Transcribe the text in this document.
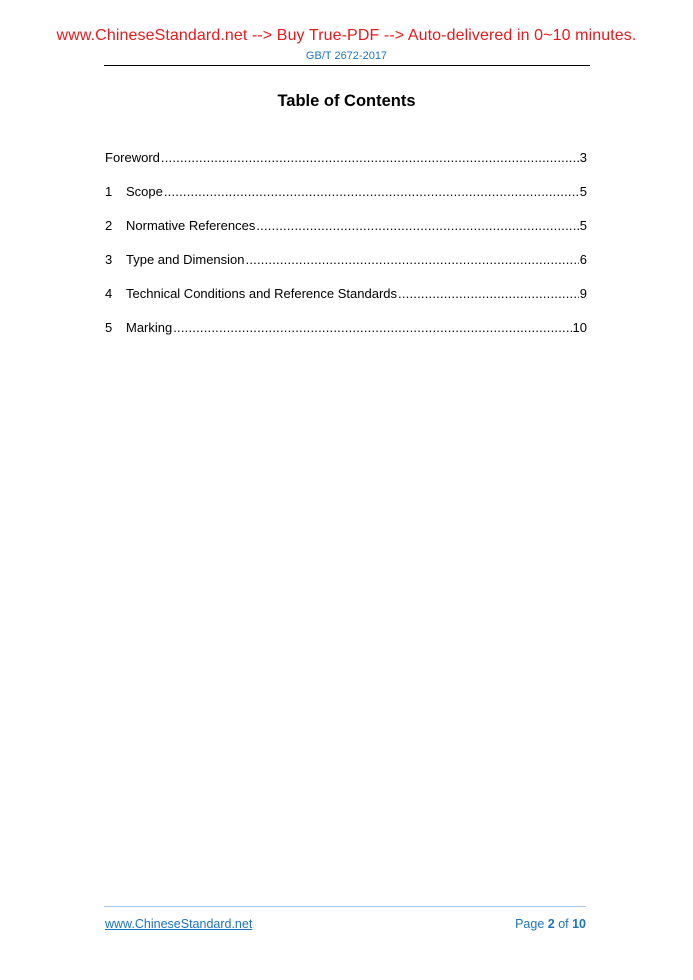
www.ChineseStandard.net --> Buy True-PDF --> Auto-delivered in 0~10 minutes.
GB/T 2672-2017
Table of Contents
Foreword .....	3
1	Scope .....	5
2	Normative References .....	5
3	Type and Dimension .....	6
4	Technical Conditions and Reference Standards .....	9
5	Marking .....	10
www.ChineseStandard.net	Page 2 of 10
